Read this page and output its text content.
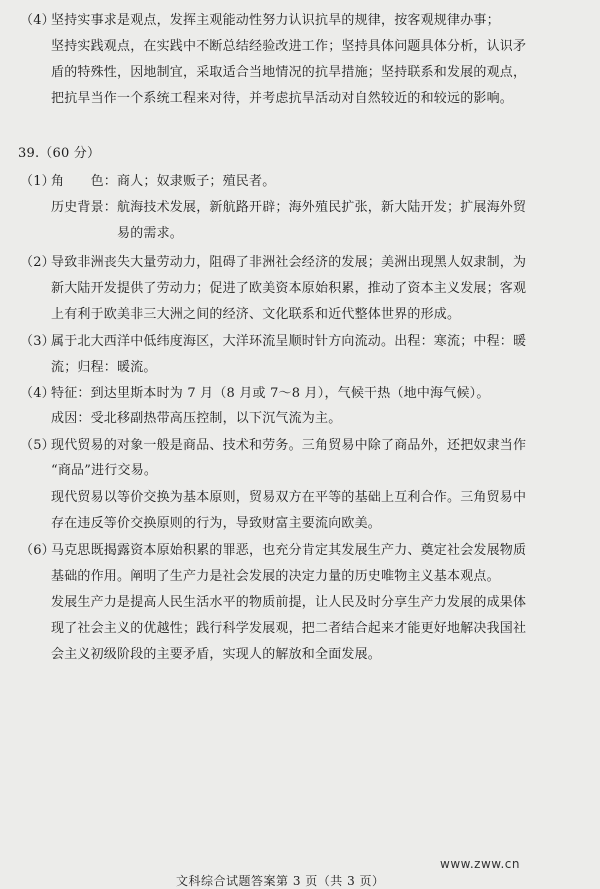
（4）
坚持实事求是观点，发挥主观能动性努力认识抗旱的规律，按客观规律办事；
坚持实践观点，在实践中不断总结经验改进工作；坚持具体问题具体分析，认识矛
盾的特殊性，因地制宜，采取适合当地情况的抗旱措施；坚持联系和发展的观点，
把抗旱当作一个系统工程来对待，并考虑抗旱活动对自然较近的和较远的影响。
39.（60 分）
（1）
角　　色：商人；奴隶贩子；殖民者。
历史背景：航海技术发展，新航路开辟；海外殖民扩张，新大陆开发；扩展海外贸
　　　　　易的需求。
（2）
导致非洲丧失大量劳动力，阻碍了非洲社会经济的发展；美洲出现黑人奴隶制，为
新大陆开发提供了劳动力；促进了欧美资本原始积累，推动了资本主义发展；客观
上有利于欧美非三大洲之间的经济、文化联系和近代整体世界的形成。
（3）
属于北大西洋中低纬度海区，大洋环流呈顺时针方向流动。出程：寒流；中程：暖
流；归程：暖流。
（4）
特征：到达里斯本时为 7 月（8 月或 7～8 月），气候干热（地中海气候）。
成因：受北移副热带高压控制，以下沉气流为主。
（5）
现代贸易的对象一般是商品、技术和劳务。三角贸易中除了商品外，还把奴隶当作
“商品”进行交易。
现代贸易以等价交换为基本原则，贸易双方在平等的基础上互利合作。三角贸易中
存在违反等价交换原则的行为，导致财富主要流向欧美。
（6）
马克思既揭露资本原始积累的罪恶，也充分肯定其发展生产力、奠定社会发展物质
基础的作用。阐明了生产力是社会发展的决定力量的历史唯物主义基本观点。
发展生产力是提高人民生活水平的物质前提，让人民及时分享生产力发展的成果体
现了社会主义的优越性；践行科学发展观，把二者结合起来才能更好地解决我国社
会主义初级阶段的主要矛盾，实现人的解放和全面发展。
www.zww.cn
文科综合试题答案第 3 页（共 3 页）
